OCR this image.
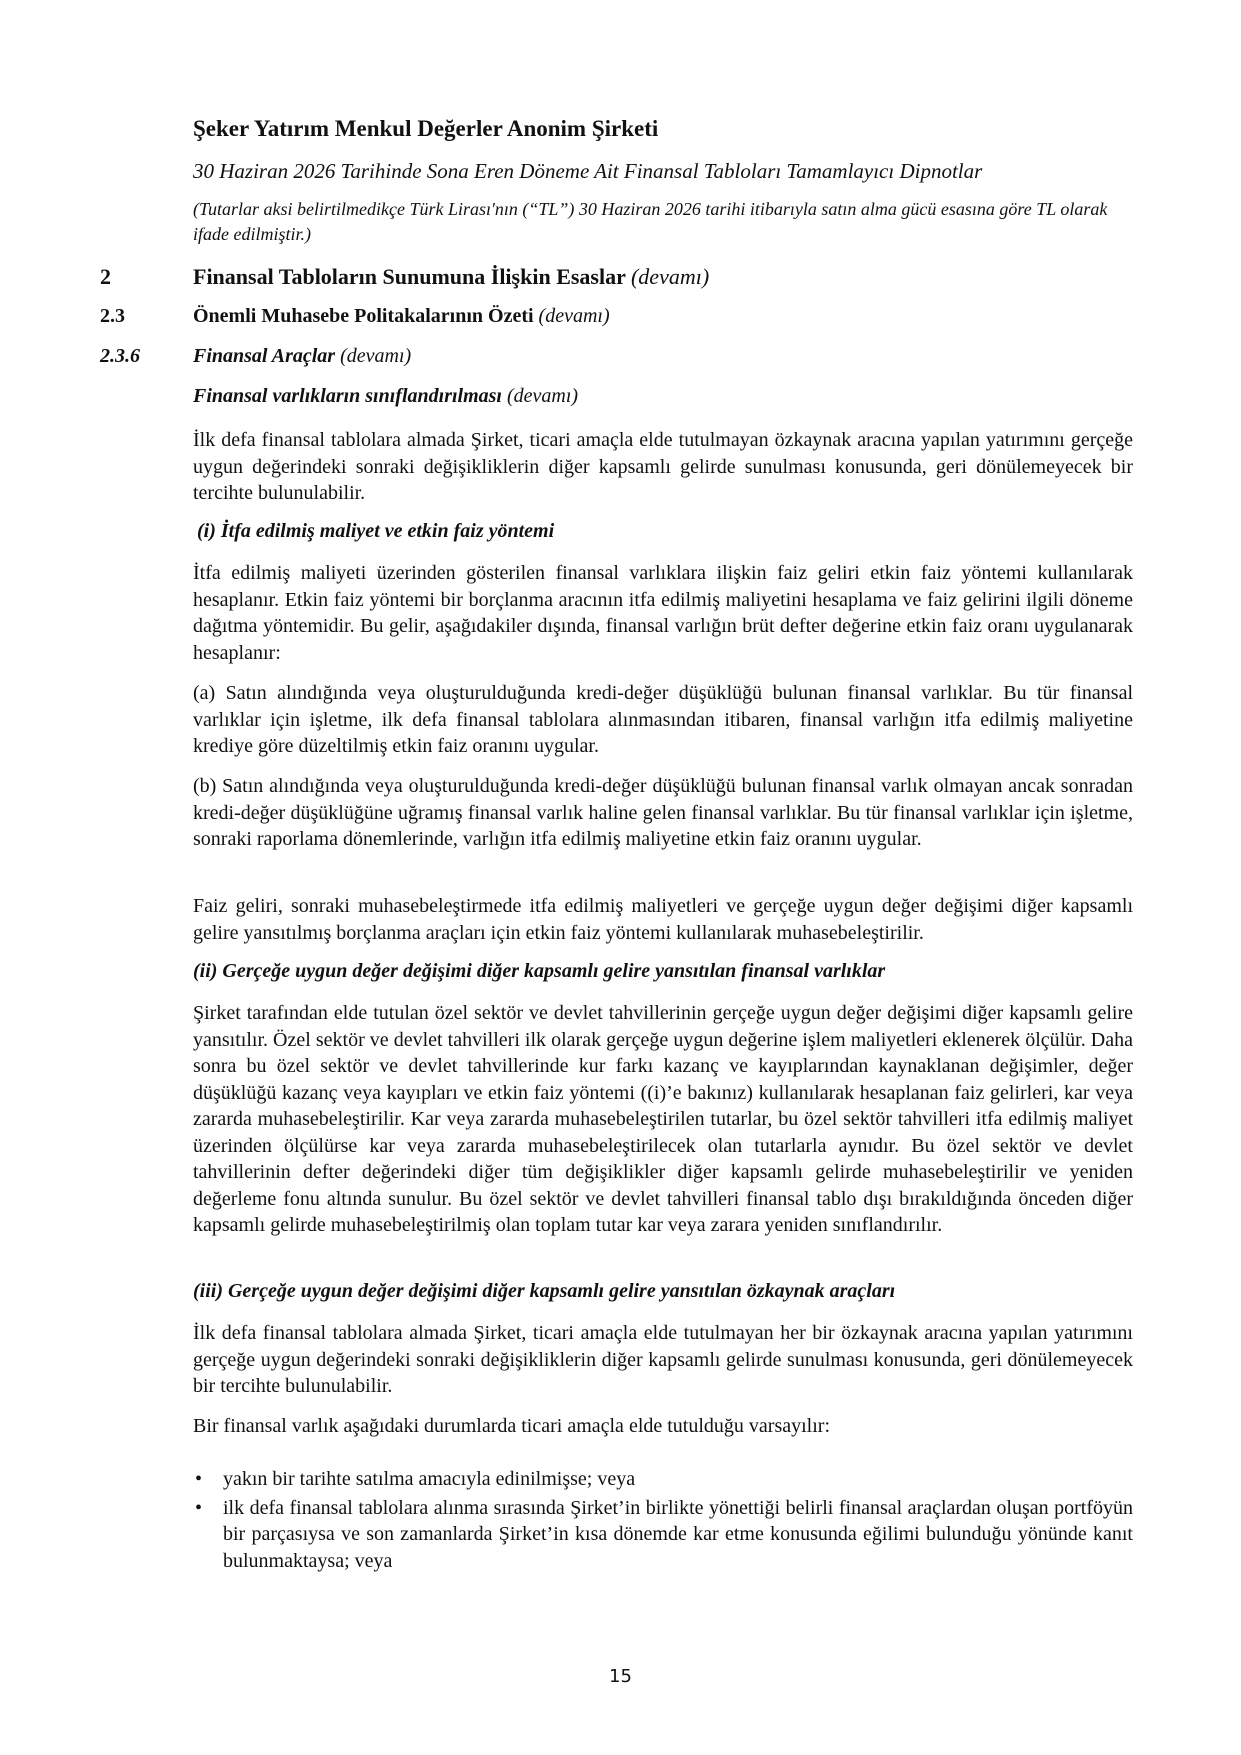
Şeker Yatırım Menkul Değerler Anonim Şirketi
30 Haziran 2026 Tarihinde Sona Eren Döneme Ait Finansal Tabloları Tamamlayıcı Dipnotlar
(Tutarlar aksi belirtilmedikçe Türk Lirası'nın (“TL”) 30 Haziran 2026 tarihi itibarıyla satın alma gücü esasına göre TL olarak ifade edilmiştir.)
2	Finansal Tabloların Sunumuna İlişkin Esaslar (devamı)
2.3	Önemli Muhasebe Politakalarının Özeti (devamı)
2.3.6	Finansal Araçlar (devamı)
Finansal varlıkların sınıflandırılması (devamı)

İlk defa finansal tablolara almada Şirket, ticari amaçla elde tutulmayan özkaynak aracına yapılan yatırımını gerçeğe uygun değerindeki sonraki değişikliklerin diğer kapsamlı gelirde sunulması konusunda, geri dönülemeyecek bir tercihte bulunulabilir.

(i) İtfa edilmiş maliyet ve etkin faiz yöntemi

İtfa edilmiş maliyeti üzerinden gösterilen finansal varlıklara ilişkin faiz geliri etkin faiz yöntemi kullanılarak hesaplanır. Etkin faiz yöntemi bir borçlanma aracının itfa edilmiş maliyetini hesaplama ve faiz gelirini ilgili döneme dağıtma yöntemidir. Bu gelir, aşağıdakiler dışında, finansal varlığın brüt defter değerine etkin faiz oranı uygulanarak hesaplanır:

(a) Satın alındığında veya oluşturulduğunda kredi-değer düşüklüğü bulunan finansal varlıklar. Bu tür finansal varlıklar için işletme, ilk defa finansal tablolara alınmasından itibaren, finansal varlığın itfa edilmiş maliyetine krediye göre düzeltilmiş etkin faiz oranını uygular.

(b) Satın alındığında veya oluşturulduğunda kredi-değer düşüklüğü bulunan finansal varlık olmayan ancak sonradan kredi-değer düşüklüğüne uğramış finansal varlık haline gelen finansal varlıklar. Bu tür finansal varlıklar için işletme, sonraki raporlama dönemlerinde, varlığın itfa edilmiş maliyetine etkin faiz oranını uygular.

Faiz geliri, sonraki muhasebeleştirmede itfa edilmiş maliyetleri ve gerçeğe uygun değer değişimi diğer kapsamlı gelire yansıtılmış borçlanma araçları için etkin faiz yöntemi kullanılarak muhasebeleştirilir.

(ii) Gerçeğe uygun değer değişimi diğer kapsamlı gelire yansıtılan finansal varlıklar

Şirket tarafından elde tutulan özel sektör ve devlet tahvillerinin gerçeğe uygun değer değişimi diğer kapsamlı gelire yansıtılır. Özel sektör ve devlet tahvilleri ilk olarak gerçeğe uygun değerine işlem maliyetleri eklenerek ölçülür. Daha sonra bu özel sektör ve devlet tahvillerinde kur farkı kazanç ve kayıplarından kaynaklanan değişimler, değer düşüklüğü kazanç veya kayıpları ve etkin faiz yöntemi ((i)’e bakınız) kullanılarak hesaplanan faiz gelirleri, kar veya zararda muhasebeleştirilir. Kar veya zararda muhasebeleştirilen tutarlar, bu özel sektör tahvilleri itfa edilmiş maliyet üzerinden ölçülürse kar veya zararda muhasebeleştirilecek olan tutarlarla aynıdır. Bu özel sektör ve devlet tahvillerinin defter değerindeki diğer tüm değişiklikler diğer kapsamlı gelirde muhasebeleştirilir ve yeniden değerleme fonu altında sunulur. Bu özel sektör ve devlet tahvilleri finansal tablo dışı bırakıldığında önceden diğer kapsamlı gelirde muhasebeleştirilmiş olan toplam tutar kar veya zarara yeniden sınıflandırılır.

(iii) Gerçeğe uygun değer değişimi diğer kapsamlı gelire yansıtılan özkaynak araçları

İlk defa finansal tablolara almada Şirket, ticari amaçla elde tutulmayan her bir özkaynak aracına yapılan yatırımını gerçeğe uygun değerindeki sonraki değişikliklerin diğer kapsamlı gelirde sunulması konusunda, geri dönülemeyecek bir tercihte bulunulabilir.

Bir finansal varlık aşağıdaki durumlarda ticari amaçla elde tutulduğu varsayılır:

• yakın bir tarihte satılma amacıyla edinilmişse; veya
• ilk defa finansal tablolara alınma sırasında Şirket’in birlikte yönettiği belirli finansal araçlardan oluşan portföyün bir parçasıysa ve son zamanlarda Şirket’in kısa dönemde kar etme konusunda eğilimi bulunduğu yönünde kanıt bulunmaktaysa; veya
15
